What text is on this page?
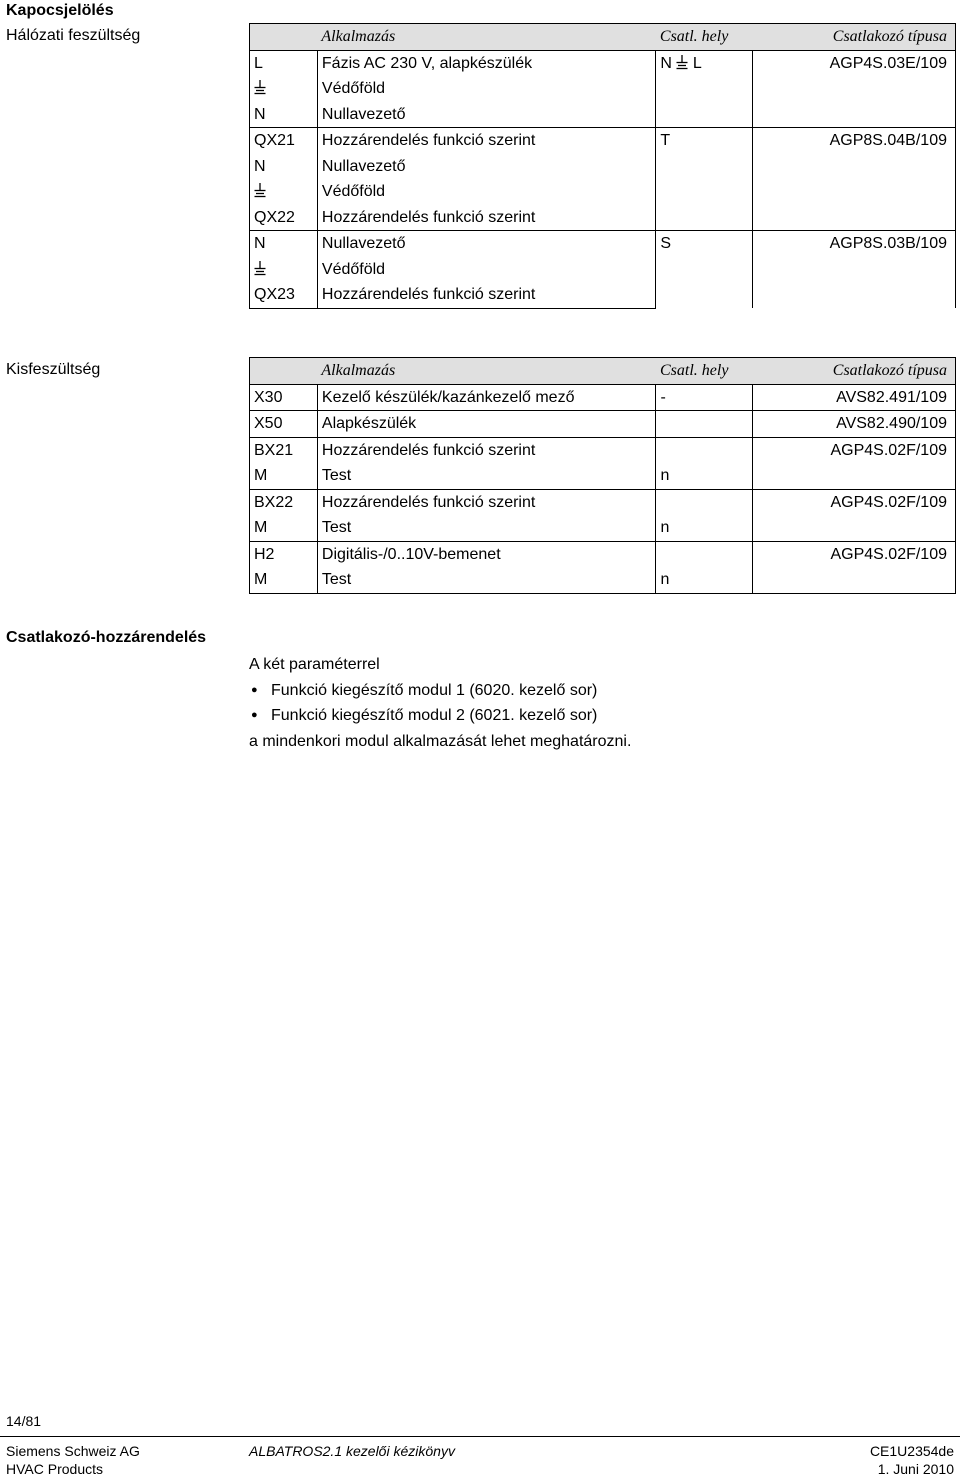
Kapocsjelölés
Hálózati feszültség
		Alkalmazás	Csatl. hely	Csatlakozó típusa
L	Fázis AC 230 V, alapkészülék	N  L	AGP4S.03E/109
	Védőföld		
N	Nullavezető		
QX21	Hozzárendelés funkció szerint	T	AGP8S.04B/109
N	Nullavezető		
	Védőföld		
QX22	Hozzárendelés funkció szerint		
N	Nullavezető	S	AGP8S.03B/109
	Védőföld		
QX23	Hozzárendelés funkció szerint		
Kisfeszültség
		Alkalmazás	Csatl. hely	Csatlakozó típusa
X30	Kezelő készülék/kazánkezelő mező	-	AVS82.491/109
X50	Alapkészülék		AVS82.490/109
BX21	Hozzárendelés funkció szerint		AGP4S.02F/109
M	Test	n	
BX22	Hozzárendelés funkció szerint		AGP4S.02F/109
M	Test	n	
H2	Digitális-/0..10V-bemenet		AGP4S.02F/109
M	Test	n	
Csatlakozó-hozzárendelés
A két paraméterrel
● Funkció kiegészítő modul 1 (6020. kezelő sor)
● Funkció kiegészítő modul 2 (6021. kezelő sor)
a mindenkori modul alkalmazását lehet meghatározni.
14/81
Siemens Schweiz AG
HVAC Products
ALBATROS2.1 kezelői kézikönyv	CE1U2354de
1. Juni 2010
